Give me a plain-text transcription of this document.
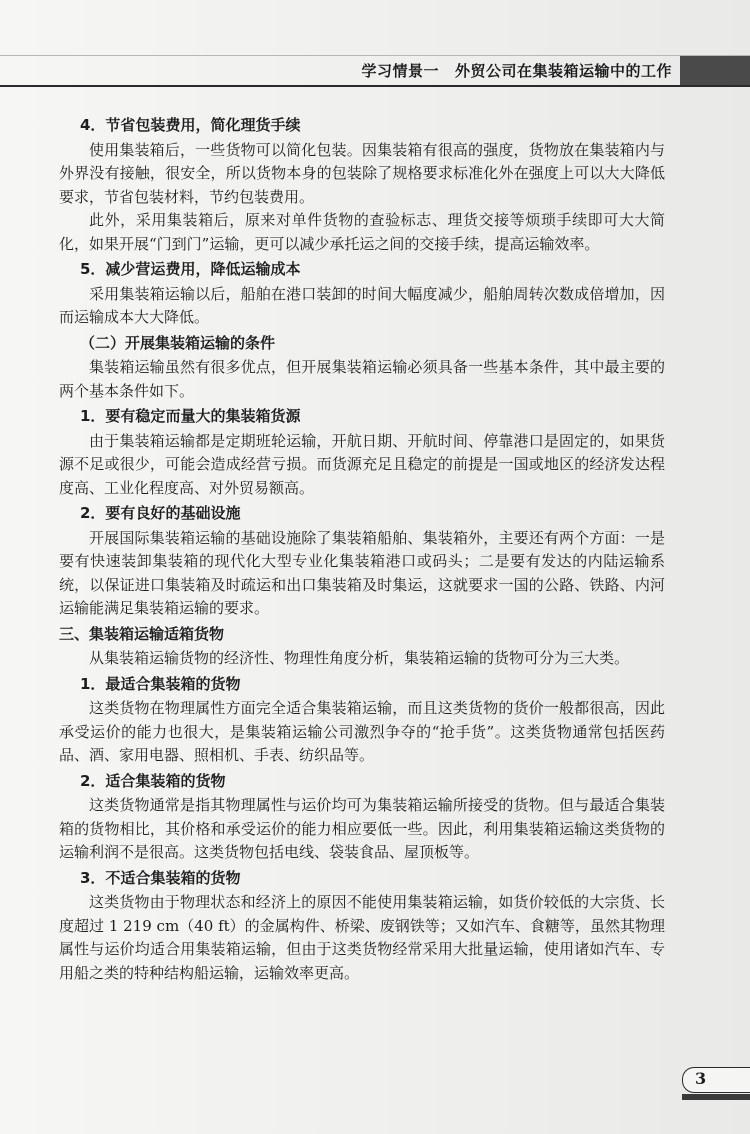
学习情景一 外贸公司在集装箱运输中的工作
4．节省包装费用，简化理货手续

使用集装箱后，一些货物可以简化包装。因集装箱有很高的强度，货物放在集装箱内与外界没有接触，很安全，所以货物本身的包装除了规格要求标准化外在强度上可以大大降低要求，节省包装材料，节约包装费用。

此外，采用集装箱后，原来对单件货物的查验标志、理货交接等烦琐手续即可大大简化，如果开展“门到门”运输，更可以减少承托运之间的交接手续，提高运输效率。

5．减少营运费用，降低运输成本

采用集装箱运输以后，船舶在港口装卸的时间大幅度减少，船舶周转次数成倍增加，因而运输成本大大降低。

（二）开展集装箱运输的条件

集装箱运输虽然有很多优点，但开展集装箱运输必须具备一些基本条件，其中最主要的两个基本条件如下。

1．要有稳定而量大的集装箱货源

由于集装箱运输都是定期班轮运输，开航日期、开航时间、停靠港口是固定的，如果货源不足或很少，可能会造成经营亏损。而货源充足且稳定的前提是一国或地区的经济发达程度高、工业化程度高、对外贸易额高。

2．要有良好的基础设施

开展国际集装箱运输的基础设施除了集装箱船舶、集装箱外，主要还有两个方面：一是要有快速装卸集装箱的现代化大型专业化集装箱港口或码头；二是要有发达的内陆运输系统，以保证进口集装箱及时疏运和出口集装箱及时集运，这就要求一国的公路、铁路、内河运输能满足集装箱运输的要求。

三、集装箱运输适箱货物

从集装箱运输货物的经济性、物理性角度分析，集装箱运输的货物可分为三大类。

1．最适合集装箱的货物

这类货物在物理属性方面完全适合集装箱运输，而且这类货物的货价一般都很高，因此承受运价的能力也很大，是集装箱运输公司激烈争夺的“抢手货”。这类货物通常包括医药品、酒、家用电器、照相机、手表、纺织品等。

2．适合集装箱的货物

这类货物通常是指其物理属性与运价均可为集装箱运输所接受的货物。但与最适合集装箱的货物相比，其价格和承受运价的能力相应要低一些。因此，利用集装箱运输这类货物的运输利润不是很高。这类货物包括电线、袋装食品、屋顶板等。

3．不适合集装箱的货物

这类货物由于物理状态和经济上的原因不能使用集装箱运输，如货价较低的大宗货、长度超过 1 219 cm（40 ft）的金属构件、桥梁、废钢铁等；又如汽车、食糖等，虽然其物理属性与运价均适合用集装箱运输，但由于这类货物经常采用大批量运输，使用诸如汽车、专用船之类的特种结构船运输，运输效率更高。

3
